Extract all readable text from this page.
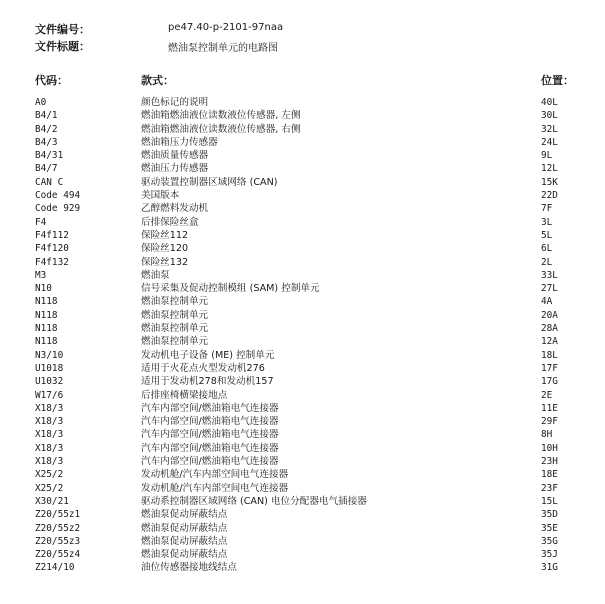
文件编号：	pe47.40-p-2101-97naa
文件标题：	燃油泵控制单元的电路图
代码：	款式：	位置：
A0	颜色标记的说明	40L
B4/1	燃油箱燃油液位读数液位传感器, 左侧	30L
B4/2	燃油箱燃油液位读数液位传感器, 右侧	32L
B4/3	燃油箱压力传感器	24L
B4/31	燃油质量传感器	9L
B4/7	燃油压力传感器	12L
CAN C	驱动装置控制器区域网络 (CAN)	15K
Code 494	美国版本	22D
Code 929	乙醇燃料发动机	7F
F4	后排保险丝盒	3L
F4f112	保险丝112	5L
F4f120	保险丝120	6L
F4f132	保险丝132	2L
M3	燃油泵	33L
N10	信号采集及促动控制模组 (SAM) 控制单元	27L
N118	燃油泵控制单元	4A
N118	燃油泵控制单元	20A
N118	燃油泵控制单元	28A
N118	燃油泵控制单元	12A
N3/10	发动机电子设备 (ME) 控制单元	18L
U1018	适用于火花点火型发动机276	17F
U1032	适用于发动机278和发动机157	17G
W17/6	后排座椅横梁接地点	2E
X18/3	汽车内部空间/燃油箱电气连接器	11E
X18/3	汽车内部空间/燃油箱电气连接器	29F
X18/3	汽车内部空间/燃油箱电气连接器	8H
X18/3	汽车内部空间/燃油箱电气连接器	10H
X18/3	汽车内部空间/燃油箱电气连接器	23H
X25/2	发动机舱/汽车内部空间电气连接器	18E
X25/2	发动机舱/汽车内部空间电气连接器	23F
X30/21	驱动系控制器区域网络 (CAN) 电位分配器电气插接器	15L
Z20/55z1	燃油泵促动屏蔽结点	35D
Z20/55z2	燃油泵促动屏蔽结点	35E
Z20/55z3	燃油泵促动屏蔽结点	35G
Z20/55z4	燃油泵促动屏蔽结点	35J
Z214/10	油位传感器接地线结点	31G
